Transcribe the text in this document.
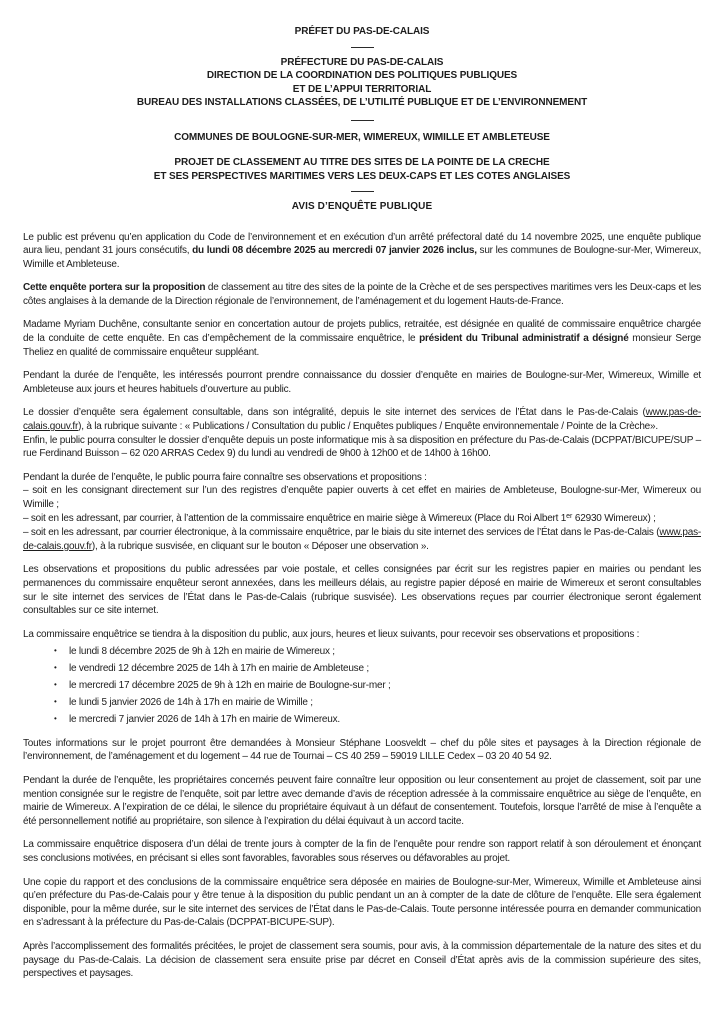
PRÉFET DU PAS-DE-CALAIS
PRÉFECTURE DU PAS-DE-CALAIS
DIRECTION DE LA COORDINATION DES POLITIQUES PUBLIQUES
ET DE L’APPUI TERRITORIAL
BUREAU DES INSTALLATIONS CLASSÉES, DE L’UTILITÉ PUBLIQUE ET DE L’ENVIRONNEMENT
COMMUNES DE BOULOGNE-SUR-MER, WIMEREUX, WIMILLE ET AMBLETEUSE
PROJET DE CLASSEMENT AU TITRE DES SITES DE LA POINTE DE LA CRECHE
ET SES PERSPECTIVES MARITIMES VERS LES DEUX-CAPS ET LES COTES ANGLAISES
AVIS D’ENQUÊTE PUBLIQUE

Le public est prévenu qu’en application du Code de l’environnement et en exécution d’un arrêté préfectoral daté du 14 novembre 2025, une enquête publique aura lieu, pendant 31 jours consécutifs, du lundi 08 décembre 2025 au mercredi 07 janvier 2026 inclus, sur les communes de Boulogne-sur-Mer, Wimereux, Wimille et Ambleteuse.

Cette enquête portera sur la proposition de classement au titre des sites de la pointe de la Crèche et de ses perspectives maritimes vers les Deux-caps et les côtes anglaises à la demande de la Direction régionale de l’environnement, de l’aménagement et du logement Hauts-de-France.

Madame Myriam Duchêne, consultante senior en concertation autour de projets publics, retraitée, est désignée en qualité de commissaire enquêtrice chargée de la conduite de cette enquête. En cas d’empêchement de la commissaire enquêtrice, le président du Tribunal administratif a désigné monsieur Serge Theliez en qualité de commissaire enquêteur suppléant.

Pendant la durée de l’enquête, les intéressés pourront prendre connaissance du dossier d’enquête en mairies de Boulogne-sur-Mer, Wimereux, Wimille et Ambleteuse aux jours et heures habituels d’ouverture au public.

Le dossier d’enquête sera également consultable, dans son intégralité, depuis le site internet des services de l’État dans le Pas-de-Calais (www.pas-de-calais.gouv.fr), à la rubrique suivante : « Publications / Consultation du public / Enquêtes publiques / Enquête environnementale / Pointe de la Crèche».

Enfin, le public pourra consulter le dossier d’enquête depuis un poste informatique mis à sa disposition en préfecture du Pas-de-Calais (DCPPAT/BICUPE/SUP – rue Ferdinand Buisson – 62 020 ARRAS Cedex 9) du lundi au vendredi de 9h00 à 12h00 et de 14h00 à 16h00.

Pendant la durée de l’enquête, le public pourra faire connaître ses observations et propositions :

– soit en les consignant directement sur l’un des registres d’enquête papier ouverts à cet effet en mairies de Ambleteuse, Boulogne-sur-Mer, Wimereux ou Wimille ;

– soit en les adressant, par courrier, à l’attention de la commissaire enquêtrice en mairie siège à Wimereux (Place du Roi Albert 1er 62930 Wimereux) ;

– soit en les adressant, par courrier électronique, à la commissaire enquêtrice, par le biais du site internet des services de l’État dans le Pas-de-Calais (www.pas-de-calais.gouv.fr), à la rubrique susvisée, en cliquant sur le bouton « Déposer une observation ».

Les observations et propositions du public adressées par voie postale, et celles consignées par écrit sur les registres papier en mairies ou pendant les permanences du commissaire enquêteur seront annexées, dans les meilleurs délais, au registre papier déposé en mairie de Wimereux et seront consultables sur le site internet des services de l’État dans le Pas-de-Calais (rubrique susvisée). Les observations reçues par courrier électronique seront également consultables sur ce site internet.

La commissaire enquêtrice se tiendra à la disposition du public, aux jours, heures et lieux suivants, pour recevoir ses observations et propositions :

• le lundi 8 décembre 2025 de 9h à 12h en mairie de Wimereux ;
• le vendredi 12 décembre 2025 de 14h à 17h en mairie de Ambleteuse ;
• le mercredi 17 décembre 2025 de 9h à 12h en mairie de Boulogne-sur-mer ;
• le lundi 5 janvier 2026 de 14h à 17h en mairie de Wimille ;
• le mercredi 7 janvier 2026 de 14h à 17h en mairie de Wimereux.

Toutes informations sur le projet pourront être demandées à Monsieur Stéphane Loosveldt – chef du pôle sites et paysages à la Direction régionale de l’environnement, de l’aménagement et du logement – 44 rue de Tournai – CS 40 259 – 59019 LILLE Cedex – 03 20 40 54 92.

Pendant la durée de l’enquête, les propriétaires concernés peuvent faire connaître leur opposition ou leur consentement au projet de classement, soit par une mention consignée sur le registre de l’enquête, soit par lettre avec demande d’avis de réception adressée à la commissaire enquêtrice au siège de l’enquête, en mairie de Wimereux. A l’expiration de ce délai, le silence du propriétaire équivaut à un défaut de consentement. Toutefois, lorsque l’arrêté de mise à l’enquête a été personnellement notifié au propriétaire, son silence à l’expiration du délai équivaut à un accord tacite.

La commissaire enquêtrice disposera d’un délai de trente jours à compter de la fin de l’enquête pour rendre son rapport relatif à son déroulement et énonçant ses conclusions motivées, en précisant si elles sont favorables, favorables sous réserves ou défavorables au projet.

Une copie du rapport et des conclusions de la commissaire enquêtrice sera déposée en mairies de Boulogne-sur-Mer, Wimereux, Wimille et Ambleteuse ainsi qu’en préfecture du Pas-de-Calais pour y être tenue à la disposition du public pendant un an à compter de la date de clôture de l’enquête. Elle sera également disponible, pour la même durée, sur le site internet des services de l’État dans le Pas-de-Calais. Toute personne intéressée pourra en demander communication en s’adressant à la préfecture du Pas-de-Calais (DCPPAT-BICUPE-SUP).

Après l’accomplissement des formalités précitées, le projet de classement sera soumis, pour avis, à la commission départementale de la nature des sites et du paysage du Pas-de-Calais. La décision de classement sera ensuite prise par décret en Conseil d’État après avis de la commission supérieure des sites, perspectives et paysages.
